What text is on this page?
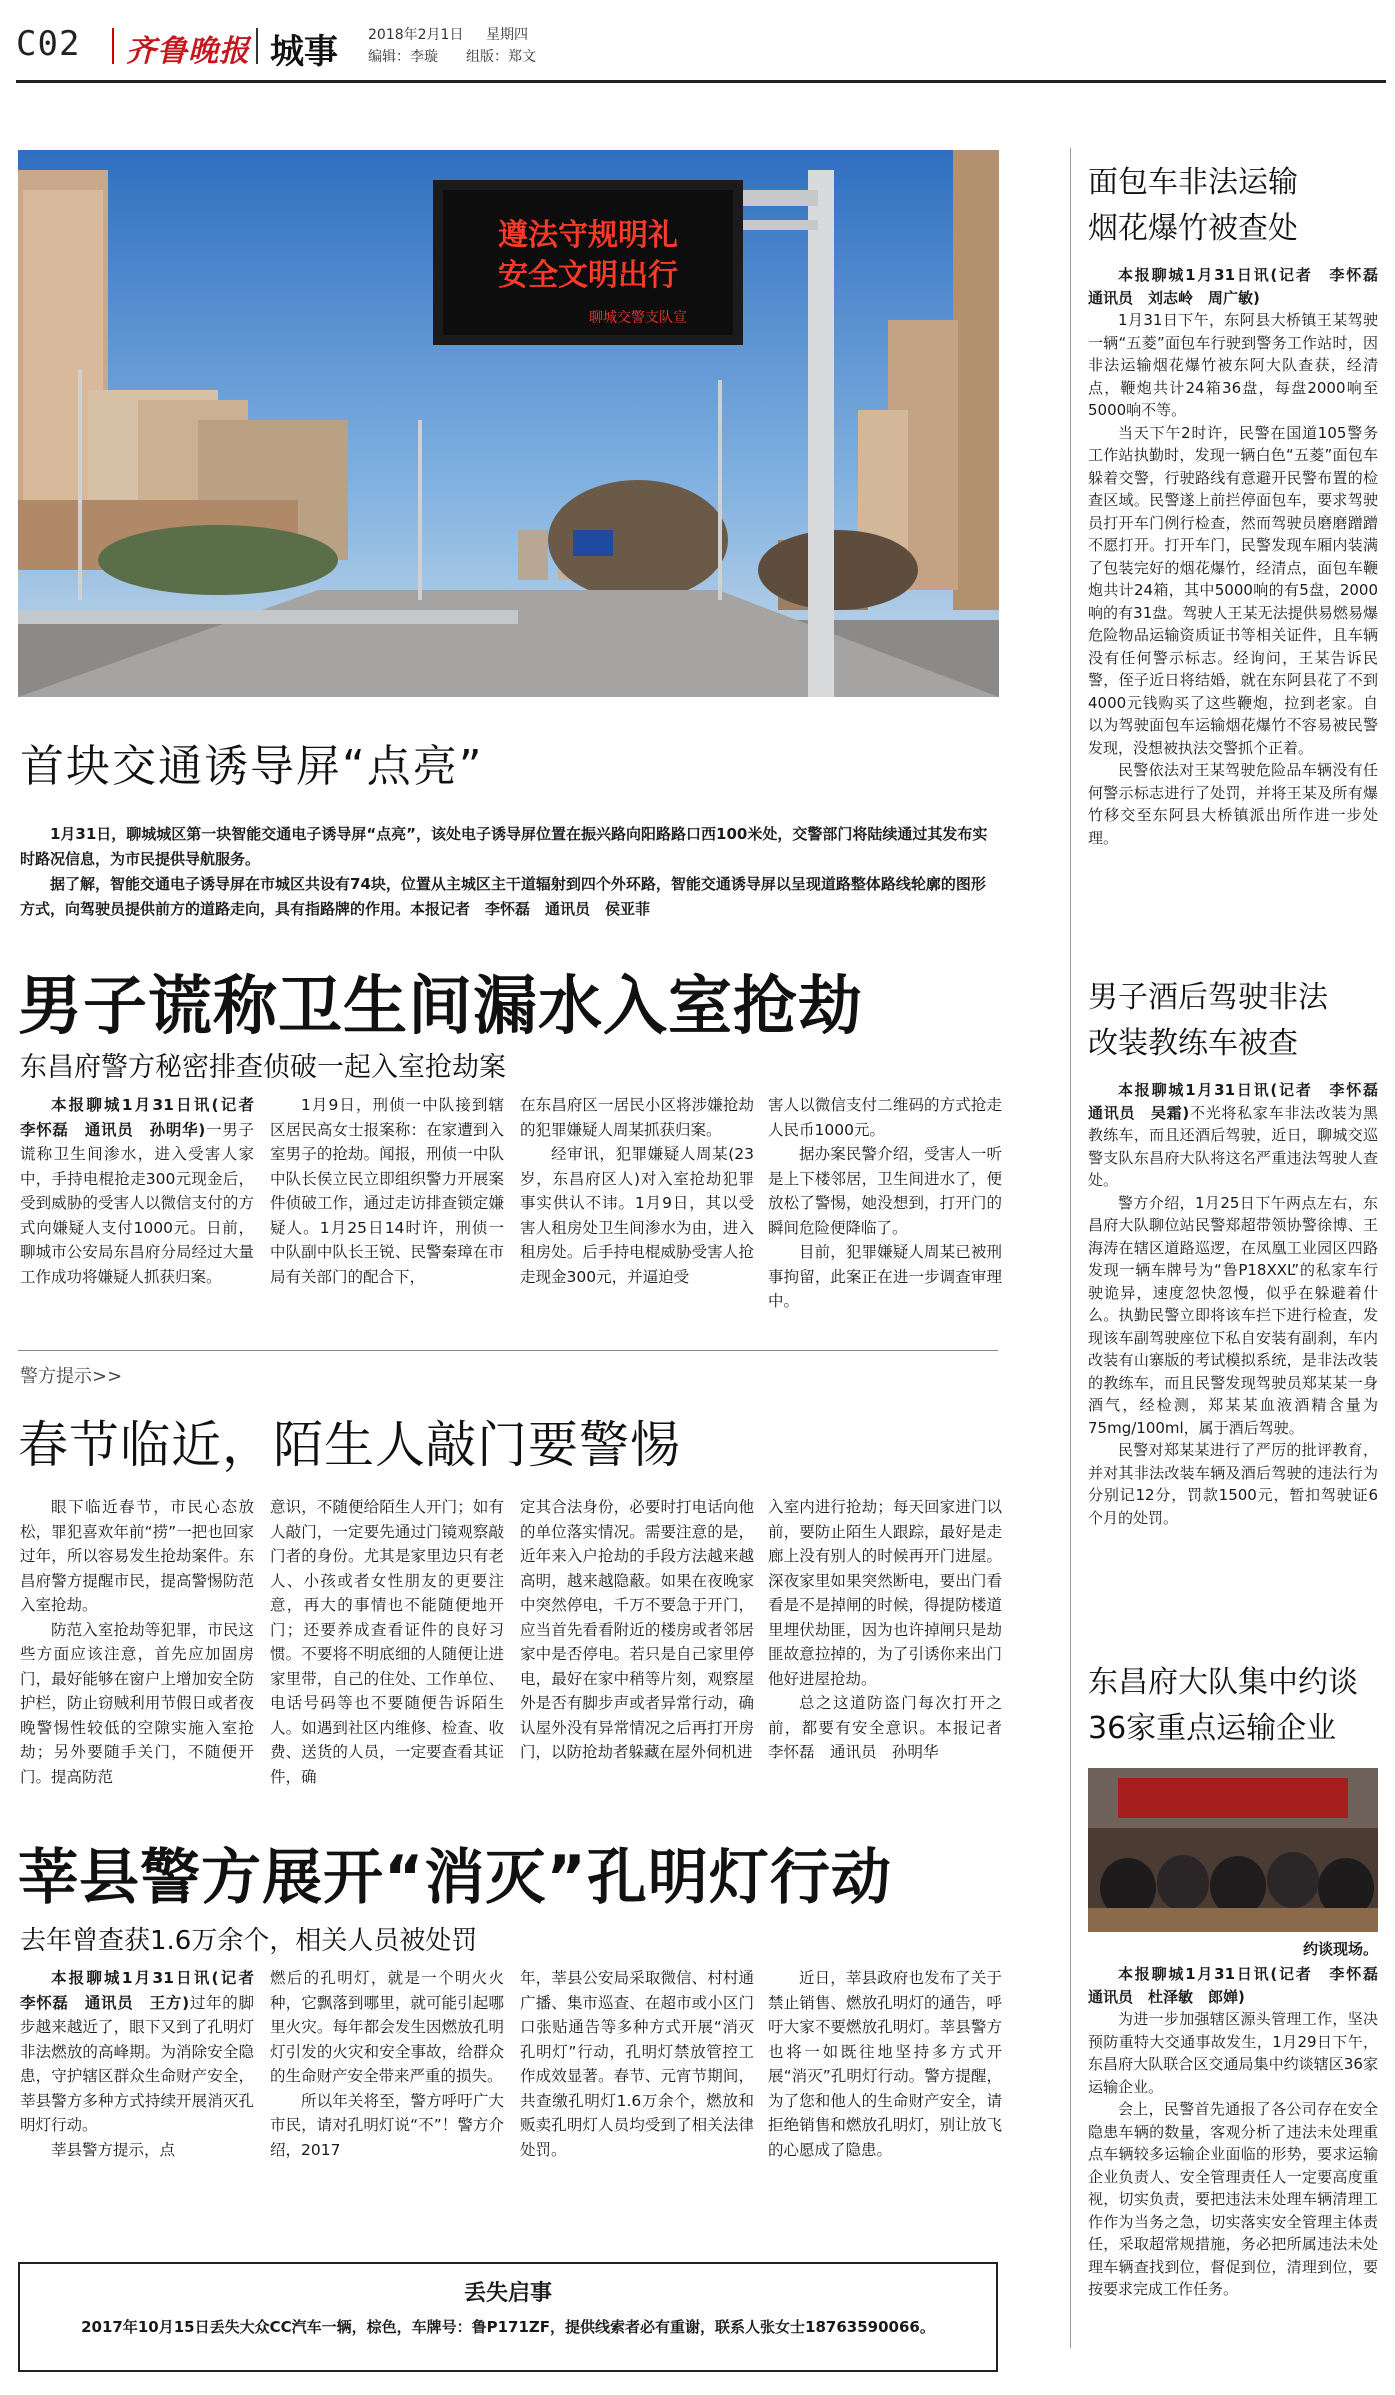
C02 齐鲁晚报 城事 2018年2月1日 星期四
编辑：李璇 组版：郑文
遵法守规明礼
安全文明出行
聊城交警支队宣
首块交通诱导屏“点亮”

1月31日，聊城城区第一块智能交通电子诱导屏“点亮”，该处电子诱导屏位置在振兴路向阳路路口西100米处，交警部门将陆续通过其发布实时路况信息，为市民提供导航服务。

据了解，智能交通电子诱导屏在市城区共设有74块，位置从主城区主干道辐射到四个外环路，智能交通诱导屏以呈现道路整体路线轮廓的图形方式，向驾驶员提供前方的道路走向，具有指路牌的作用。本报记者　李怀磊　通讯员　侯亚菲

男子谎称卫生间漏水入室抢劫
东昌府警方秘密排查侦破一起入室抢劫案

本报聊城1月31日讯(记者　李怀磊　通讯员　孙明华)一男子谎称卫生间渗水，进入受害人家中，手持电棍抢走300元现金后，受到威胁的受害人以微信支付的方式向嫌疑人支付1000元。日前，聊城市公安局东昌府分局经过大量工作成功将嫌疑人抓获归案。

1月9日，刑侦一中队接到辖区居民高女士报案称：在家遭到入室男子的抢劫。闻报，刑侦一中队中队长侯立民立即组织警力开展案件侦破工作，通过走访排查锁定嫌疑人。1月25日14时许，刑侦一中队副中队长王锐、民警秦璋在市局有关部门的配合下，

在东昌府区一居民小区将涉嫌抢劫的犯罪嫌疑人周某抓获归案。

经审讯，犯罪嫌疑人周某(23岁，东昌府区人)对入室抢劫犯罪事实供认不讳。1月9日，其以受害人租房处卫生间渗水为由，进入租房处。后手持电棍威胁受害人抢走现金300元，并逼迫受

害人以微信支付二维码的方式抢走人民币1000元。

据办案民警介绍，受害人一听是上下楼邻居，卫生间进水了，便放松了警惕，她没想到，打开门的瞬间危险便降临了。

目前，犯罪嫌疑人周某已被刑事拘留，此案正在进一步调查审理中。

警方提示>>
春节临近，陌生人敲门要警惕

眼下临近春节，市民心态放松，罪犯喜欢年前“捞”一把也回家过年，所以容易发生抢劫案件。东昌府警方提醒市民，提高警惕防范入室抢劫。

防范入室抢劫等犯罪，市民这些方面应该注意，首先应加固房门，最好能够在窗户上增加安全防护栏，防止窃贼利用节假日或者夜晚警惕性较低的空隙实施入室抢劫；另外要随手关门，不随便开门。提高防范

意识，不随便给陌生人开门；如有人敲门，一定要先通过门镜观察敲门者的身份。尤其是家里边只有老人、小孩或者女性朋友的更要注意，再大的事情也不能随便地开门；还要养成查看证件的良好习惯。不要将不明底细的人随便让进家里带，自己的住处、工作单位、电话号码等也不要随便告诉陌生人。如遇到社区内维修、检查、收费、送货的人员，一定要查看其证件，确

定其合法身份，必要时打电话向他的单位落实情况。需要注意的是，近年来入户抢劫的手段方法越来越高明，越来越隐蔽。如果在夜晚家中突然停电，千万不要急于开门，应当首先看看附近的楼房或者邻居家中是否停电。若只是自己家里停电，最好在家中稍等片刻，观察屋外是否有脚步声或者异常行动，确认屋外没有异常情况之后再打开房门，以防抢劫者躲藏在屋外伺机进

入室内进行抢劫；每天回家进门以前，要防止陌生人跟踪，最好是走廊上没有别人的时候再开门进屋。深夜家里如果突然断电，要出门看看是不是掉闸的时候，得提防楼道里埋伏劫匪，因为也许掉闸只是劫匪故意拉掉的，为了引诱你来出门他好进屋抢劫。

总之这道防盗门每次打开之前，都要有安全意识。本报记者　李怀磊　通讯员　孙明华

莘县警方展开“消灭”孔明灯行动
去年曾查获1.6万余个，相关人员被处罚

本报聊城1月31日讯(记者　李怀磊　通讯员　王方)过年的脚步越来越近了，眼下又到了孔明灯非法燃放的高峰期。为消除安全隐患，守护辖区群众生命财产安全，莘县警方多种方式持续开展消灭孔明灯行动。

莘县警方提示，点

燃后的孔明灯，就是一个明火火种，它飘落到哪里，就可能引起哪里火灾。每年都会发生因燃放孔明灯引发的火灾和安全事故，给群众的生命财产安全带来严重的损失。

所以年关将至，警方呼吁广大市民，请对孔明灯说“不”！警方介绍，2017

年，莘县公安局采取微信、村村通广播、集市巡查、在超市或小区门口张贴通告等多种方式开展“消灭孔明灯”行动，孔明灯禁放管控工作成效显著。春节、元宵节期间，共查缴孔明灯1.6万余个，燃放和贩卖孔明灯人员均受到了相关法律处罚。

近日，莘县政府也发布了关于禁止销售、燃放孔明灯的通告，呼吁大家不要燃放孔明灯。莘县警方也将一如既往地坚持多方式开展“消灭”孔明灯行动。警方提醒，为了您和他人的生命财产安全，请拒绝销售和燃放孔明灯，别让放飞的心愿成了隐患。

丢失启事
2017年10月15日丢失大众CC汽车一辆，棕色，车牌号：鲁P171ZF，提供线索者必有重谢，联系人张女士18763590066。
面包车非法运输
烟花爆竹被查处

本报聊城1月31日讯(记者　李怀磊　通讯员　刘志岭　周广敏)

1月31日下午，东阿县大桥镇王某驾驶一辆“五菱”面包车行驶到警务工作站时，因非法运输烟花爆竹被东阿大队查获，经清点，鞭炮共计24箱36盘，每盘2000响至5000响不等。

当天下午2时许，民警在国道105警务工作站执勤时，发现一辆白色“五菱”面包车躲着交警，行驶路线有意避开民警布置的检查区域。民警遂上前拦停面包车，要求驾驶员打开车门例行检查，然而驾驶员磨磨蹭蹭不愿打开。打开车门，民警发现车厢内装满了包装完好的烟花爆竹，经清点，面包车鞭炮共计24箱，其中5000响的有5盘，2000响的有31盘。驾驶人王某无法提供易燃易爆危险物品运输资质证书等相关证件，且车辆没有任何警示标志。经询问，王某告诉民警，侄子近日将结婚，就在东阿县花了不到4000元钱购买了这些鞭炮，拉到老家。自以为驾驶面包车运输烟花爆竹不容易被民警发现，没想被执法交警抓个正着。

民警依法对王某驾驶危险品车辆没有任何警示标志进行了处罚，并将王某及所有爆竹移交至东阿县大桥镇派出所作进一步处理。

男子酒后驾驶非法
改装教练车被查

本报聊城1月31日讯(记者　李怀磊　通讯员　吴霜)不光将私家车非法改装为黑教练车，而且还酒后驾驶，近日，聊城交巡警支队东昌府大队将这名严重违法驾驶人查处。

警方介绍，1月25日下午两点左右，东昌府大队聊位站民警郑超带领协警徐博、王海涛在辖区道路巡逻，在凤凰工业园区四路发现一辆车牌号为“鲁P18XXL”的私家车行驶诡异，速度忽快忽慢，似乎在躲避着什么。执勤民警立即将该车拦下进行检查，发现该车副驾驶座位下私自安装有副刹，车内改装有山寨版的考试模拟系统，是非法改装的教练车，而且民警发现驾驶员郑某某一身酒气，经检测，郑某某血液酒精含量为75mg/100ml，属于酒后驾驶。

民警对郑某某进行了严厉的批评教育，并对其非法改装车辆及酒后驾驶的违法行为分别记12分，罚款1500元，暂扣驾驶证6个月的处罚。

东昌府大队集中约谈
36家重点运输企业
约谈现场。

本报聊城1月31日讯(记者　李怀磊　通讯员　杜泽敏　郎婵)

为进一步加强辖区源头管理工作，坚决预防重特大交通事故发生，1月29日下午，东昌府大队联合区交通局集中约谈辖区36家运输企业。

会上，民警首先通报了各公司存在安全隐患车辆的数量，客观分析了违法未处理重点车辆较多运输企业面临的形势，要求运输企业负责人、安全管理责任人一定要高度重视，切实负责，要把违法未处理车辆清理工作作为当务之急，切实落实安全管理主体责任，采取超常规措施，务必把所属违法未处理车辆查找到位，督促到位，清理到位，要按要求完成工作任务。
